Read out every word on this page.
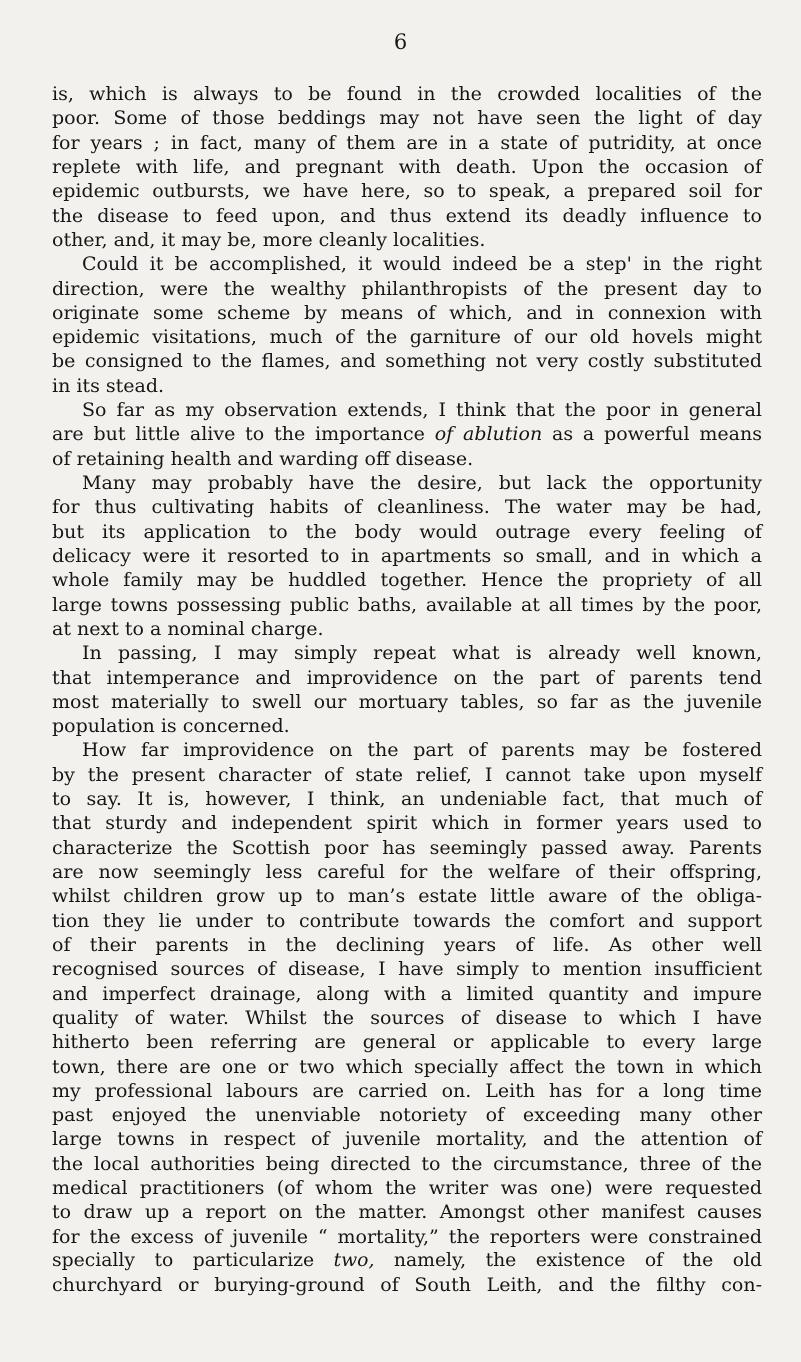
6
is, which is always to be found in the crowded localities of the
poor. Some of those beddings may not have seen the light of day
for years ; in fact, many of them are in a state of putridity, at once
replete with life, and pregnant with death. Upon the occasion of
epidemic outbursts, we have here, so to speak, a prepared soil for
the disease to feed upon, and thus extend its deadly influence to
other, and, it may be, more cleanly localities.
Could it be accomplished, it would indeed be a step' in the right
direction, were the wealthy philanthropists of the present day to
originate some scheme by means of which, and in connexion with
epidemic visitations, much of the garniture of our old hovels might
be consigned to the flames, and something not very costly substituted
in its stead.
So far as my observation extends, I think that the poor in general
are but little alive to the importance of ablution as a powerful means
of retaining health and warding off disease.
Many may probably have the desire, but lack the opportunity
for thus cultivating habits of cleanliness. The water may be had,
but its application to the body would outrage every feeling of
delicacy were it resorted to in apartments so small, and in which a
whole family may be huddled together. Hence the propriety of all
large towns possessing public baths, available at all times by the poor,
at next to a nominal charge.
In passing, I may simply repeat what is already well known,
that intemperance and improvidence on the part of parents tend
most materially to swell our mortuary tables, so far as the juvenile
population is concerned.
How far improvidence on the part of parents may be fostered
by the present character of state relief, I cannot take upon myself
to say. It is, however, I think, an undeniable fact, that much of
that sturdy and independent spirit which in former years used to
characterize the Scottish poor has seemingly passed away. Parents
are now seemingly less careful for the welfare of their offspring,
whilst children grow up to man’s estate little aware of the obliga-
tion they lie under to contribute towards the comfort and support
of their parents in the declining years of life. As other well
recognised sources of disease, I have simply to mention insufficient
and imperfect drainage, along with a limited quantity and impure
quality of water. Whilst the sources of disease to which I have
hitherto been referring are general or applicable to every large
town, there are one or two which specially affect the town in which
my professional labours are carried on. Leith has for a long time
past enjoyed the unenviable notoriety of exceeding many other
large towns in respect of juvenile mortality, and the attention of
the local authorities being directed to the circumstance, three of the
medical practitioners (of whom the writer was one) were requested
to draw up a report on the matter. Amongst other manifest causes
for the excess of juvenile “ mortality,” the reporters were constrained
specially to particularize two, namely, the existence of the old
churchyard or burying-ground of South Leith, and the filthy con-
